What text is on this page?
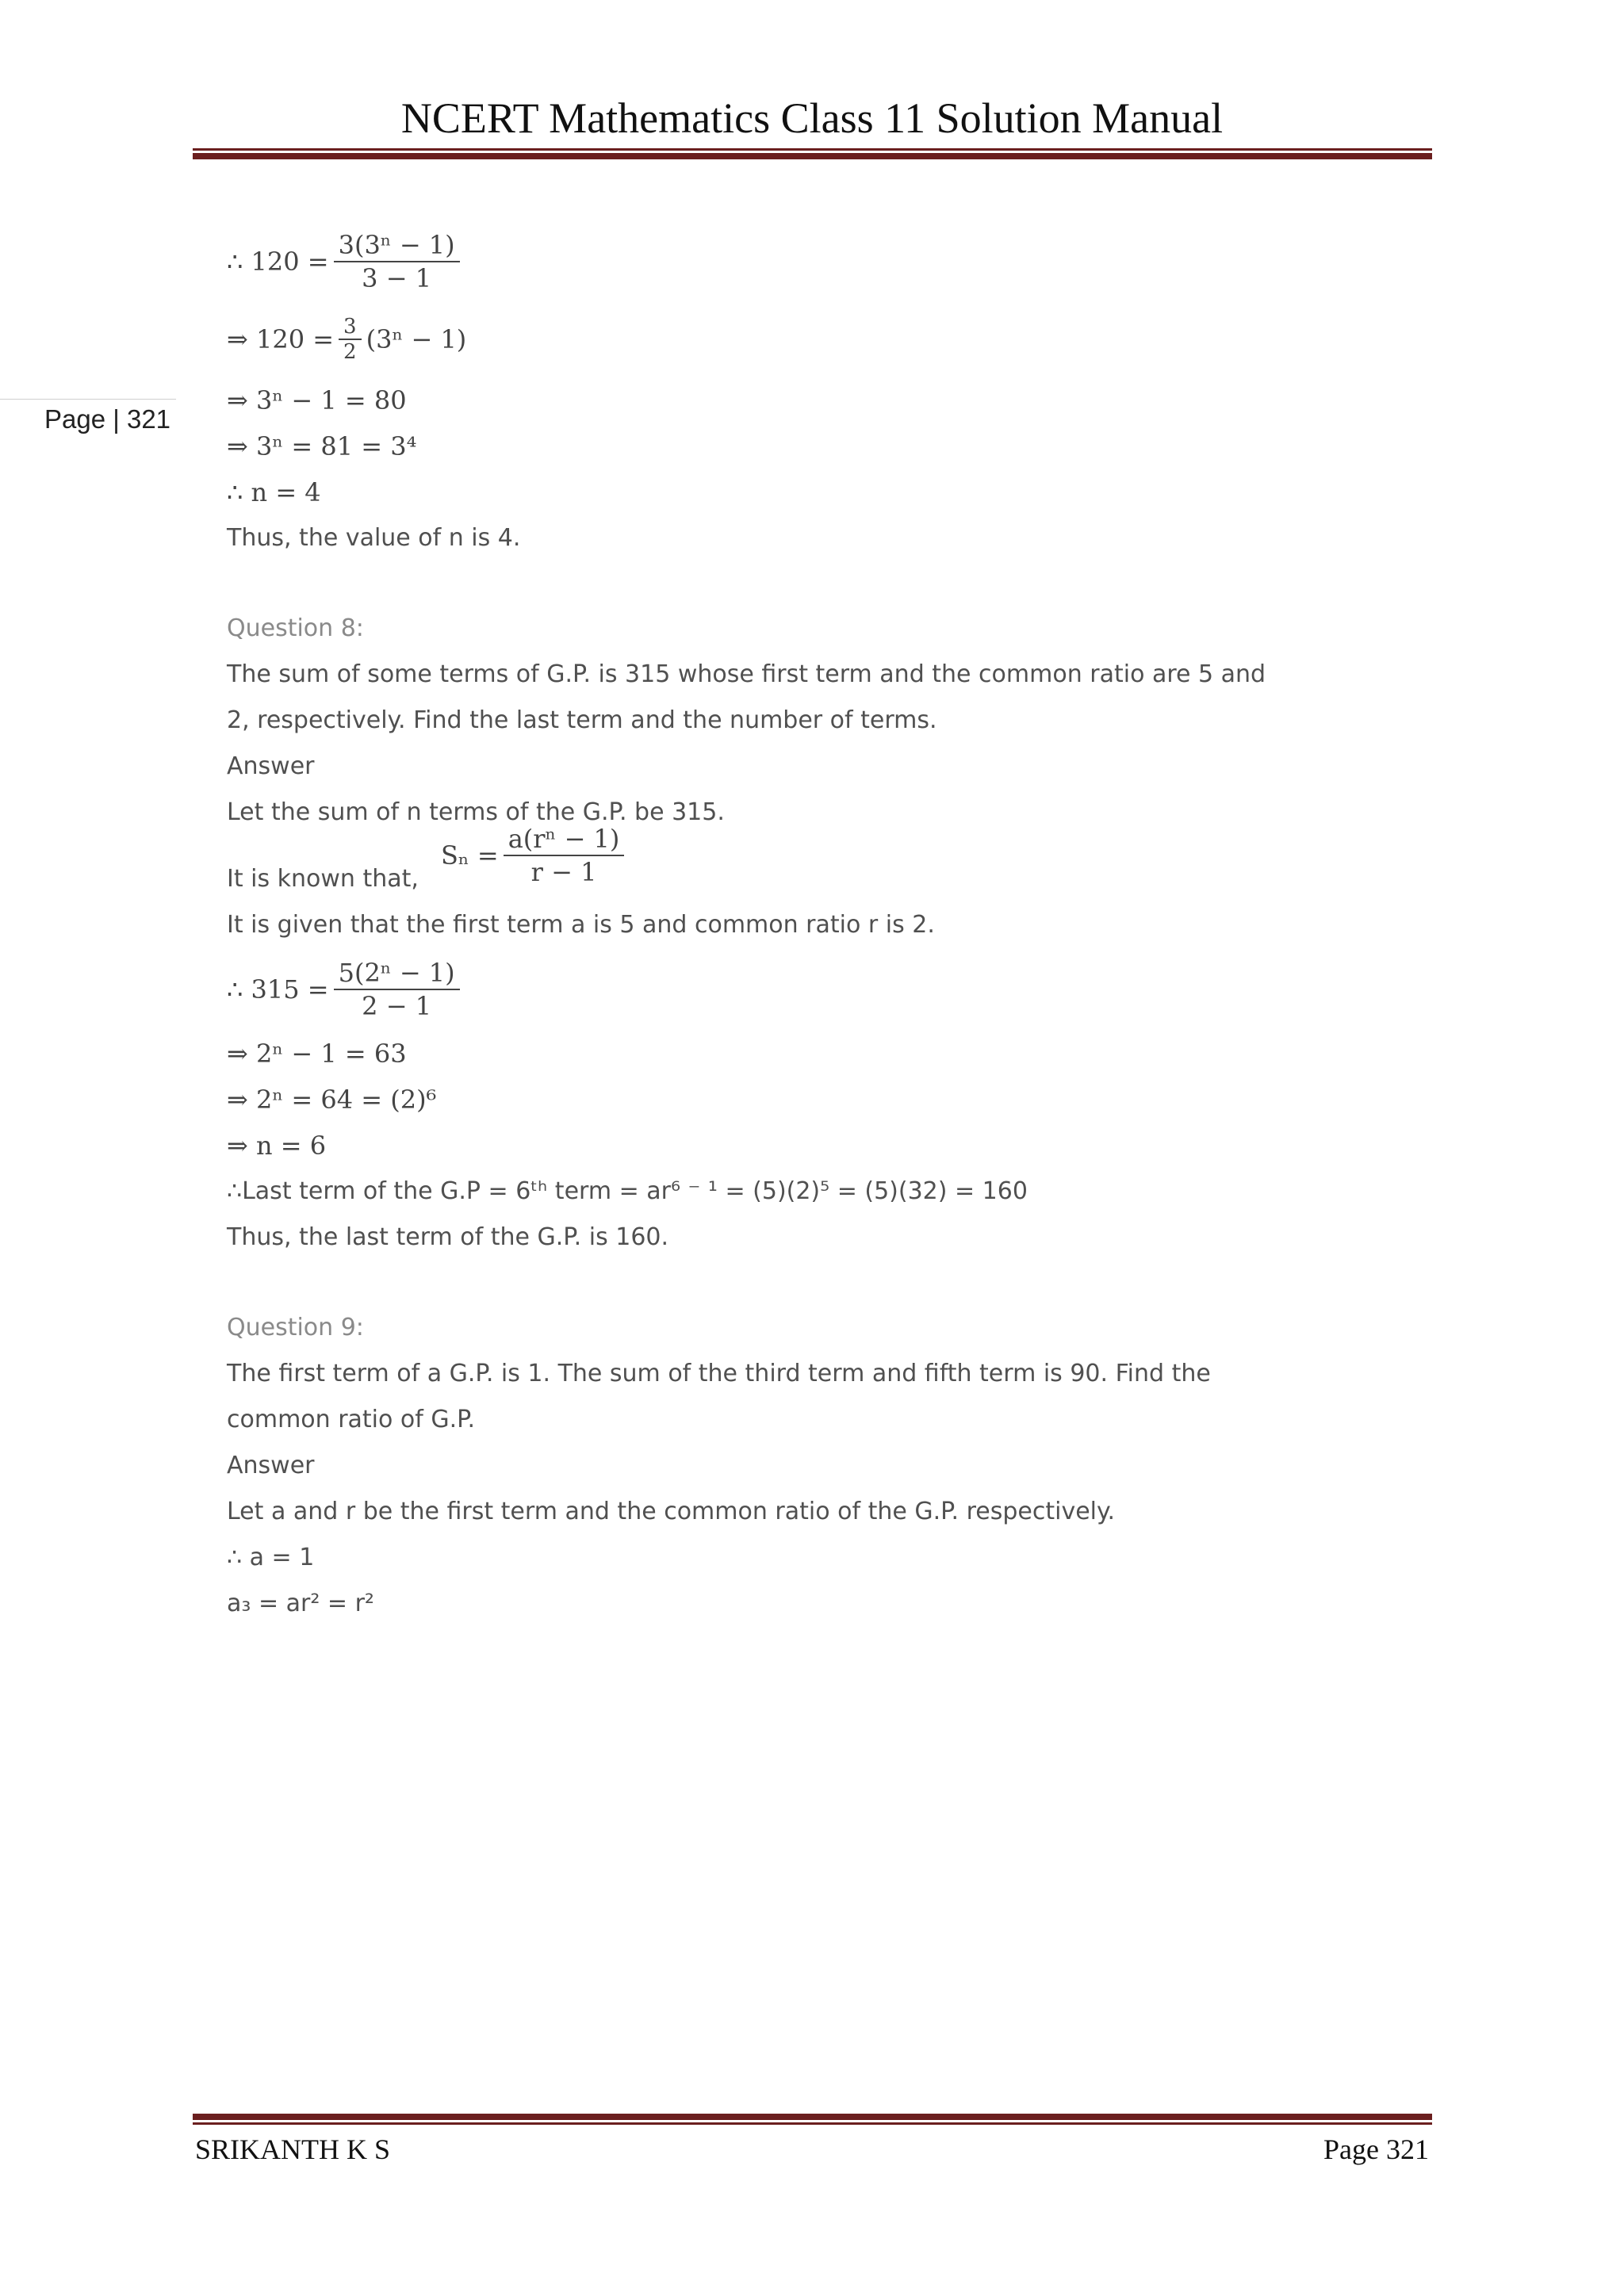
NCERT Mathematics Class 11 Solution Manual
Page | 321
∴ $120 = \frac{\text{3(3ⁿ − 1)}}{3 - 1}$
⇒ $120 = \frac{3}{2} (3^n - 1)$

⇒ 3ⁿ − 1 = 80

⇒ 3ⁿ = 81 = 3⁴

∴ n = 4

Thus, the value of n is 4.

Question 8:

The sum of some terms of G.P. is 315 whose first term and the common ratio are 5 and

2, respectively. Find the last term and the number of terms.

Answer

Let the sum of n terms of the G.P. be 315.

It is known that,
$S_n = \frac{\text{a(rⁿ − 1)}}{r - 1}$

It is given that the first term a is 5 and common ratio r is 2.

∴ $315 = \frac{\text{5(2ⁿ − 1)}}{2 - 1}$

⇒ 2ⁿ − 1 = 63

⇒ 2ⁿ = 64 = (2)⁶

⇒ n = 6

∴Last term of the G.P = 6ᵗʰ term = ar⁶ ⁻ ¹ = (5)(2)⁵ = (5)(32) = 160

Thus, the last term of the G.P. is 160.

Question 9:

The first term of a G.P. is 1. The sum of the third term and fifth term is 90. Find the

common ratio of G.P.

Answer

Let a and r be the first term and the common ratio of the G.P. respectively.

∴ a = 1

a₃ = ar² = r²

SRIKANTH K S	Page 321
